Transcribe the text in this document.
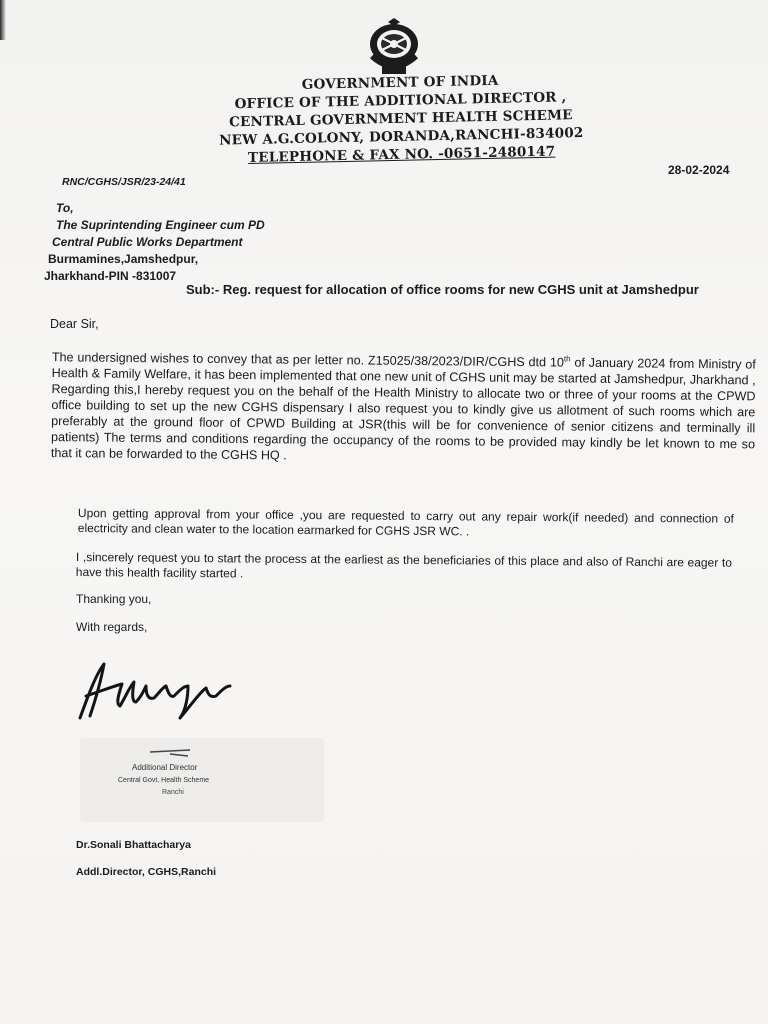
GOVERNMENT OF INDIA
OFFICE OF THE ADDITIONAL DIRECTOR ,
CENTRAL GOVERNMENT HEALTH SCHEME
NEW A.G.COLONY, DORANDA,RANCHI-834002
TELEPHONE & FAX NO. -0651-2480147
RNC/CGHS/JSR/23-24/41
28-02-2024
To,
The Suprintending Engineer cum PD
Central Public Works Department
Burmamines,Jamshedpur,
Jharkhand-PIN -831007
Sub:- Reg. request for allocation of office rooms for new CGHS unit at Jamshedpur
Dear Sir,
The undersigned wishes to convey that as per letter no. Z15025/38/2023/DIR/CGHS dtd 10th of January 2024 from Ministry of Health & Family Welfare, it has been implemented that one new unit of CGHS unit may be started at Jamshedpur, Jharkhand , Regarding this,I hereby request you on the behalf of the Health Ministry to allocate two or three of your rooms at the CPWD office building to set up the new CGHS dispensary I also request you to kindly give us allotment of such rooms which are preferably at the ground floor of CPWD Building at JSR(this will be for convenience of senior citizens and terminally ill patients) The terms and conditions regarding the occupancy of the rooms to be provided may kindly be let known to me so that it can be forwarded to the CGHS HQ .
Upon getting approval from your office ,you are requested to carry out any repair work(if needed) and connection of electricity and clean water to the location earmarked for CGHS JSR WC. .
I ,sincerely request you to start the process at the earliest as the beneficiaries of this place and also of Ranchi are eager to have this health facility started .
Thanking you,
With regards,
Additional Director
Central Govt. Health Scheme
Ranchi
Dr.Sonali Bhattacharya
Addl.Director, CGHS,Ranchi
